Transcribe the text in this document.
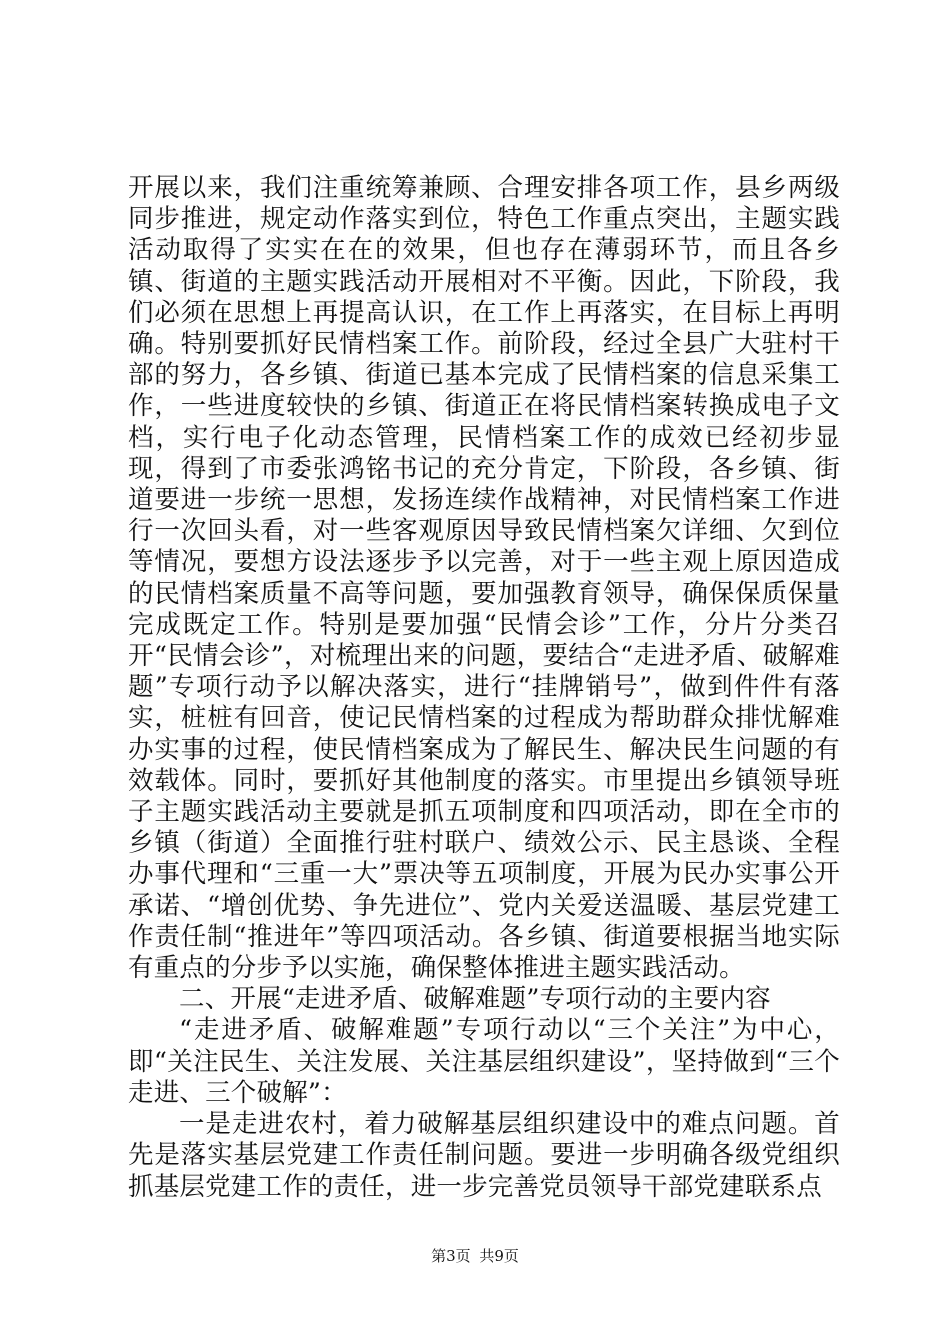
开展以来，我们注重统筹兼顾、合理安排各项工作，县乡两级同步推进，规定动作落实到位，特色工作重点突出，主题实践活动取得了实实在在的效果，但也存在薄弱环节，而且各乡镇、街道的主题实践活动开展相对不平衡。因此，下阶段，我们必须在思想上再提高认识，在工作上再落实，在目标上再明确。特别要抓好民情档案工作。前阶段，经过全县广大驻村干部的努力，各乡镇、街道已基本完成了民情档案的信息采集工作，一些进度较快的乡镇、街道正在将民情档案转换成电子文档，实行电子化动态管理，民情档案工作的成效已经初步显现，得到了市委张鸿铭书记的充分肯定，下阶段，各乡镇、街道要进一步统一思想，发扬连续作战精神，对民情档案工作进行一次回头看，对一些客观原因导致民情档案欠详细、欠到位等情况，要想方设法逐步予以完善，对于一些主观上原因造成的民情档案质量不高等问题，要加强教育领导，确保保质保量完成既定工作。特别是要加强“民情会诊”工作，分片分类召开“民情会诊”，对梳理出来的问题，要结合“走进矛盾、破解难题”专项行动予以解决落实，进行“挂牌销号”，做到件件有落实，桩桩有回音，使记民情档案的过程成为帮助群众排忧解难办实事的过程，使民情档案成为了解民生、解决民生问题的有效载体。同时，要抓好其他制度的落实。市里提出乡镇领导班子主题实践活动主要就是抓五项制度和四项活动，即在全市的乡镇（街道）全面推行驻村联户、绩效公示、民主恳谈、全程办事代理和“三重一大”票决等五项制度，开展为民办实事公开承诺、“增创优势、争先进位”、党内关爱送温暖、基层党建工作责任制“推进年”等四项活动。各乡镇、街道要根据当地实际有重点的分步予以实施，确保整体推进主题实践活动。

二、开展“走进矛盾、破解难题”专项行动的主要内容

“走进矛盾、破解难题”专项行动以“三个关注”为中心，即“关注民生、关注发展、关注基层组织建设”，坚持做到“三个走进、三个破解”：

一是走进农村，着力破解基层组织建设中的难点问题。首先是落实基层党建工作责任制问题。要进一步明确各级党组织抓基层党建工作的责任，进一步完善党员领导干部党建联系点

第3页 共9页
